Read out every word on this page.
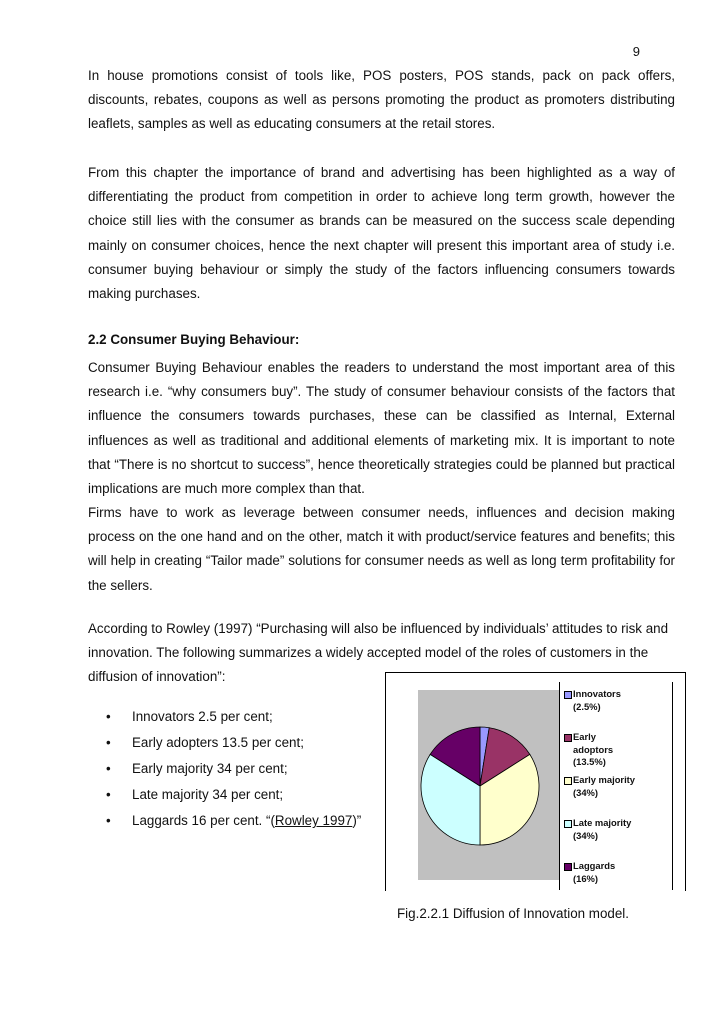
9

In house promotions consist of tools like, POS posters, POS stands, pack on pack offers, discounts, rebates, coupons as well as persons promoting the product as promoters distributing leaflets, samples as well as educating consumers at the retail stores.

From this chapter the importance of brand and advertising has been highlighted as a way of differentiating the product from competition in order to achieve long term growth, however the choice still lies with the consumer as brands can be measured on the success scale depending mainly on consumer choices, hence the next chapter will present this important area of study i.e. consumer buying behaviour or simply the study of the factors influencing consumers towards making purchases.

2.2 Consumer Buying Behaviour:

Consumer Buying Behaviour enables the readers to understand the most important area of this research i.e. “why consumers buy”. The study of consumer behaviour consists of the factors that influence the consumers towards purchases, these can be classified as Internal, External influences as well as traditional and additional elements of marketing mix. It is important to note that “There is no shortcut to success”, hence theoretically strategies could be planned but practical implications are much more complex than that.

Firms have to work as leverage between consumer needs, influences and decision making process on the one hand and on the other, match it with product/service features and benefits; this will help in creating “Tailor made” solutions for consumer needs as well as long term profitability for the sellers.

According to Rowley (1997) “Purchasing will also be influenced by individuals’ attitudes to risk and innovation. The following summarizes a widely accepted model of the roles of customers in the diffusion of innovation”:

• Innovators 2.5 per cent;
• Early adopters 13.5 per cent;
• Early majority 34 per cent;
• Late majority 34 per cent;
• Laggards 16 per cent. “(Rowley 1997)”
Innovators
(2.5%)
Early
adoptors
(13.5%)
Early majority
(34%)
Late majority
(34%)
Laggards
(16%)
Fig.2.2.1 Diffusion of Innovation model.
